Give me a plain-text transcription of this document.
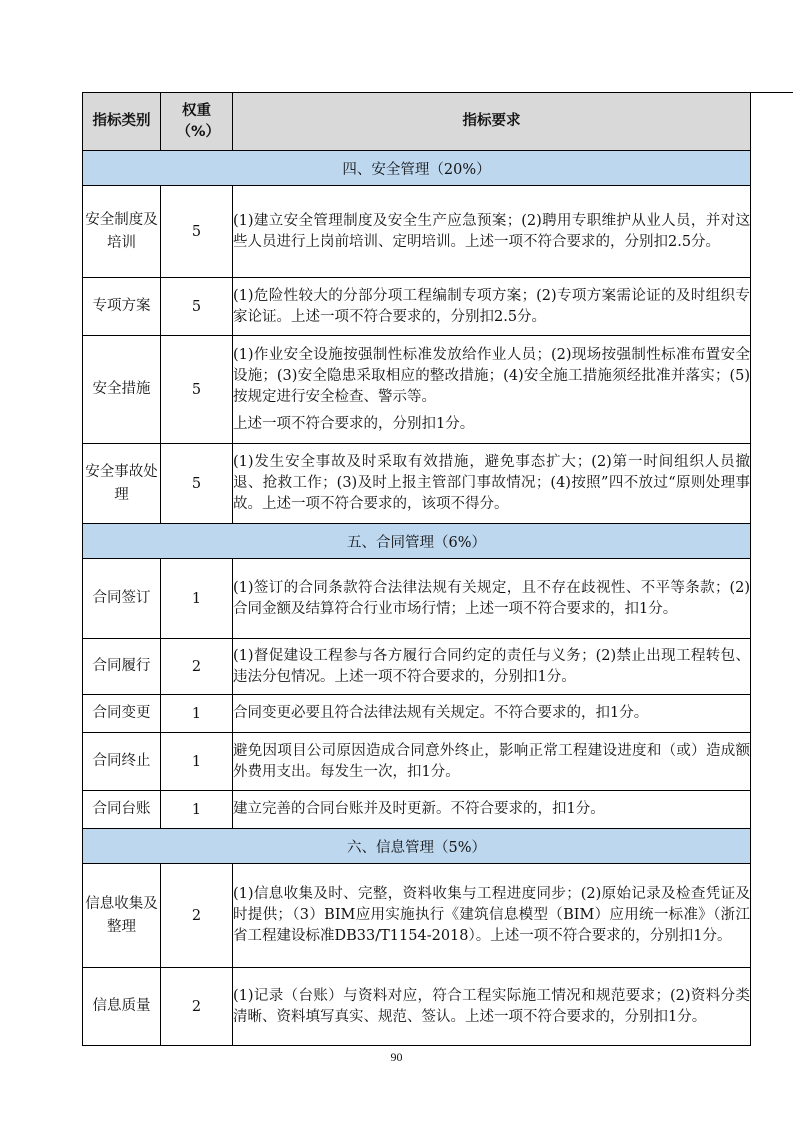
指标类别	权重（%）	指标要求
四、安全管理（20%）		
安全制度及培训	5	(1)建立安全管理制度及安全生产应急预案；(2)聘用专职维护从业人员，并对这些人员进行上岗前培训、定明培训。上述一项不符合要求的，分别扣2.5分。
专项方案	5	(1)危险性较大的分部分项工程编制专项方案；(2)专项方案需论证的及时组织专家论证。上述一项不符合要求的，分别扣2.5分。
安全措施	5	(1)作业安全设施按强制性标准发放给作业人员；(2)现场按强制性标准布置安全设施；(3)安全隐患采取相应的整改措施；(4)安全施工措施须经批准并落实；(5)按规定进行安全检查、警示等。

上述一项不符合要求的，分别扣1分。

安全事故处理	5	(1)发生安全事故及时采取有效措施，避免事态扩大；(2)第一时间组织人员撤退、抢救工作；(3)及时上报主管部门事故情况；(4)按照”四不放过“原则处理事故。上述一项不符合要求的，该项不得分。
五、合同管理（6%）		
合同签订	1	(1)签订的合同条款符合法律法规有关规定，且不存在歧视性、不平等条款；(2)合同金额及结算符合行业市场行情；上述一项不符合要求的，扣1分。
合同履行	2	(1)督促建设工程参与各方履行合同约定的责任与义务；(2)禁止出现工程转包、违法分包情况。上述一项不符合要求的，分别扣1分。
合同变更	1	合同变更必要且符合法律法规有关规定。不符合要求的，扣1分。
合同终止	1	避免因项目公司原因造成合同意外终止，影响正常工程建设进度和（或）造成额外费用支出。每发生一次，扣1分。
合同台账	1	建立完善的合同台账并及时更新。不符合要求的，扣1分。
六、信息管理（5%）		
信息收集及整理	2	(1)信息收集及时、完整，资料收集与工程进度同步；(2)原始记录及检查凭证及时提供；（3）BIM应用实施执行《建筑信息模型（BIM）应用统一标准》（浙江省工程建设标准DB33/T1154-2018）。上述一项不符合要求的，分别扣1分。
信息质量	2	(1)记录（台账）与资料对应，符合工程实际施工情况和规范要求；(2)资料分类清晰、资料填写真实、规范、签认。上述一项不符合要求的，分别扣1分。
90
